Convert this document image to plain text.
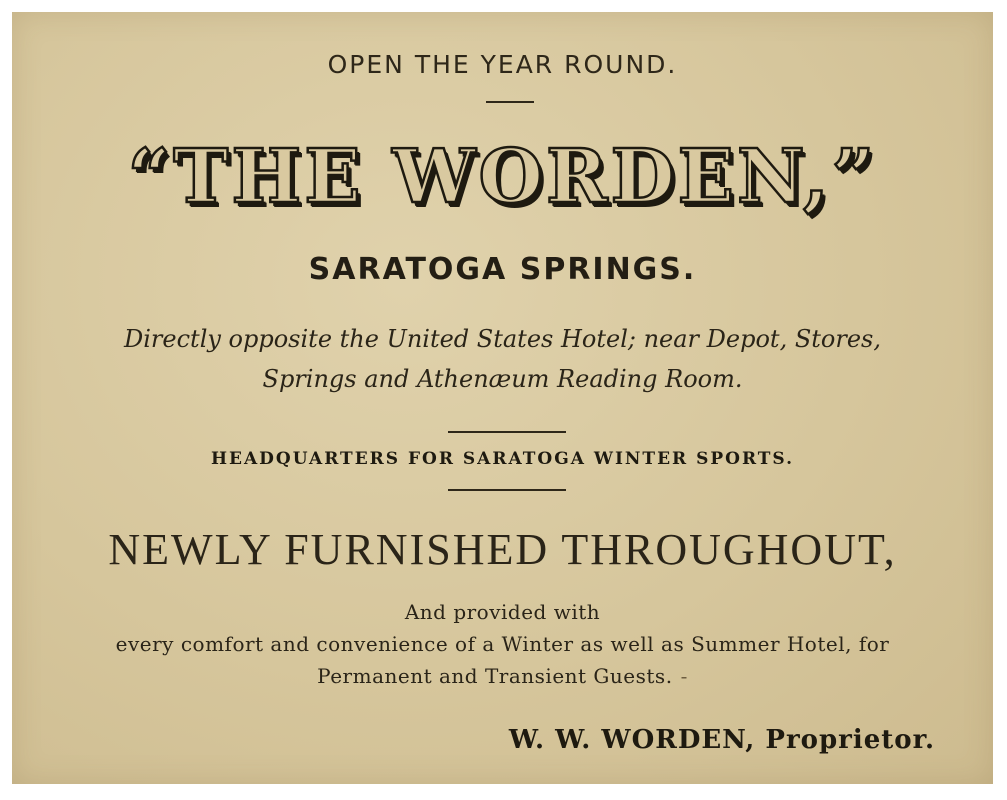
OPEN THE YEAR ROUND.
“THE WORDEN,”
SARATOGA SPRINGS.
Directly opposite the United States Hotel; near Depot, Stores,
Springs and Athenæum Reading Room.
HEADQUARTERS FOR SARATOGA WINTER SPORTS.
NEWLY FURNISHED THROUGHOUT,
And provided with
every comfort and convenience of a Winter as well as Summer Hotel, for
Permanent and Transient Guests. -
W. W. WORDEN, Proprietor.
